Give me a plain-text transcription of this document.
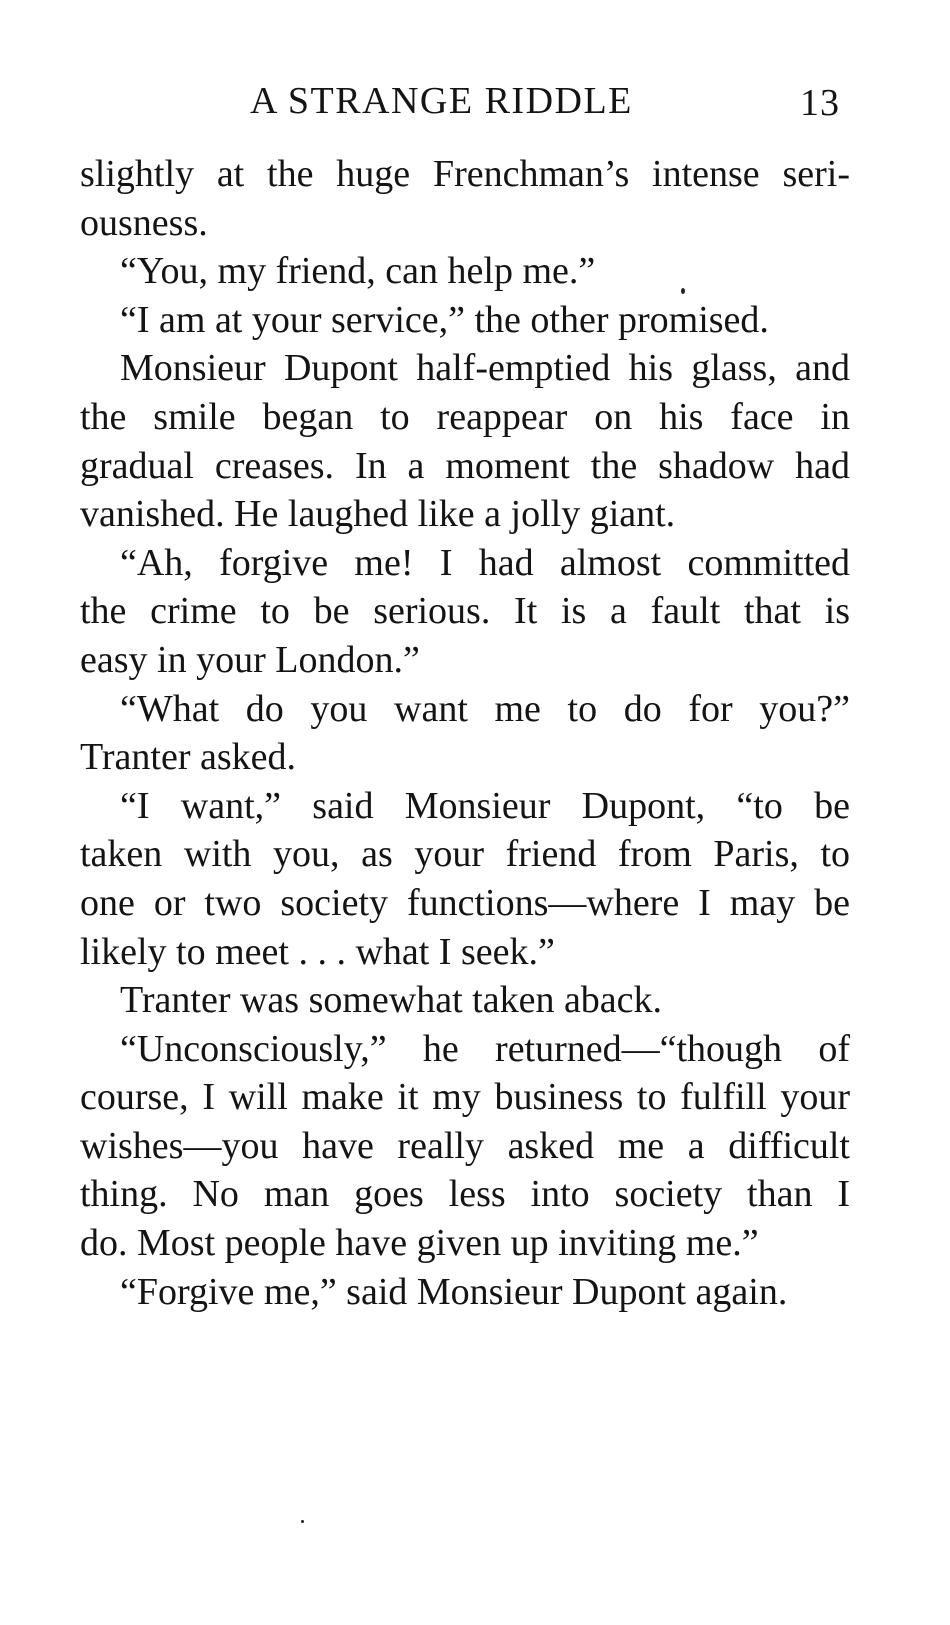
A STRANGE RIDDLE	13
slightly at the huge Frenchman’s intense seri-
ousness.
“You, my friend, can help me.”
“I am at your service,” the other promised.
Monsieur Dupont half-emptied his glass, and
the smile began to reappear on his face in
gradual creases. In a moment the shadow had
vanished. He laughed like a jolly giant.
“Ah, forgive me! I had almost committed
the crime to be serious. It is a fault that is
easy in your London.”
“What do you want me to do for you?”
Tranter asked.
“I want,” said Monsieur Dupont, “to be
taken with you, as your friend from Paris, to
one or two society functions—where I may be
likely to meet . . . what I seek.”
Tranter was somewhat taken aback.
“Unconsciously,” he returned—“though of
course, I will make it my business to fulfill your
wishes—you have really asked me a difficult
thing. No man goes less into society than I
do. Most people have given up inviting me.”
“Forgive me,” said Monsieur Dupont again.
